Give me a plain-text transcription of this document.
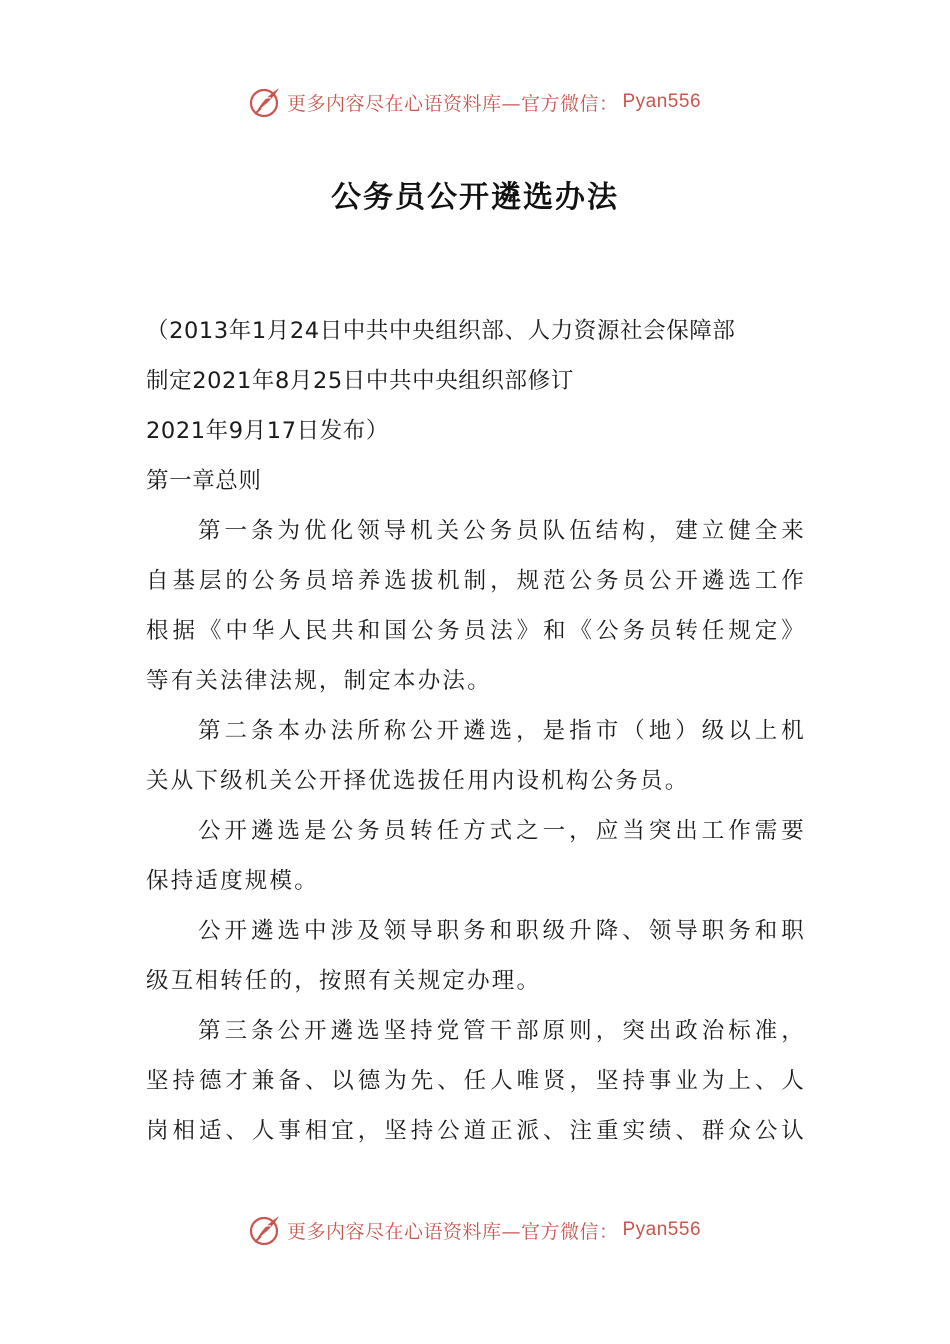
更多内容尽在心语资料库—官方微信： Pyan556
公务员公开遴选办法
（2013年1月24日中共中央组织部、人力资源社会保障部
制定2021年8月25日中共中央组织部修订
2021年9月17日发布）
第一章总则
第一条为优化领导机关公务员队伍结构，建立健全来
自基层的公务员培养选拔机制，规范公务员公开遴选工作
根据《中华人民共和国公务员法》和《公务员转任规定》
等有关法律法规，制定本办法。
第二条本办法所称公开遴选，是指市（地）级以上机
关从下级机关公开择优选拔任用内设机构公务员。
公开遴选是公务员转任方式之一，应当突出工作需要
保持适度规模。
公开遴选中涉及领导职务和职级升降、领导职务和职
级互相转任的，按照有关规定办理。
第三条公开遴选坚持党管干部原则，突出政治标准，
坚持德才兼备、以德为先、任人唯贤，坚持事业为上、人
岗相适、人事相宜，坚持公道正派、注重实绩、群众公认
更多内容尽在心语资料库—官方微信： Pyan556
